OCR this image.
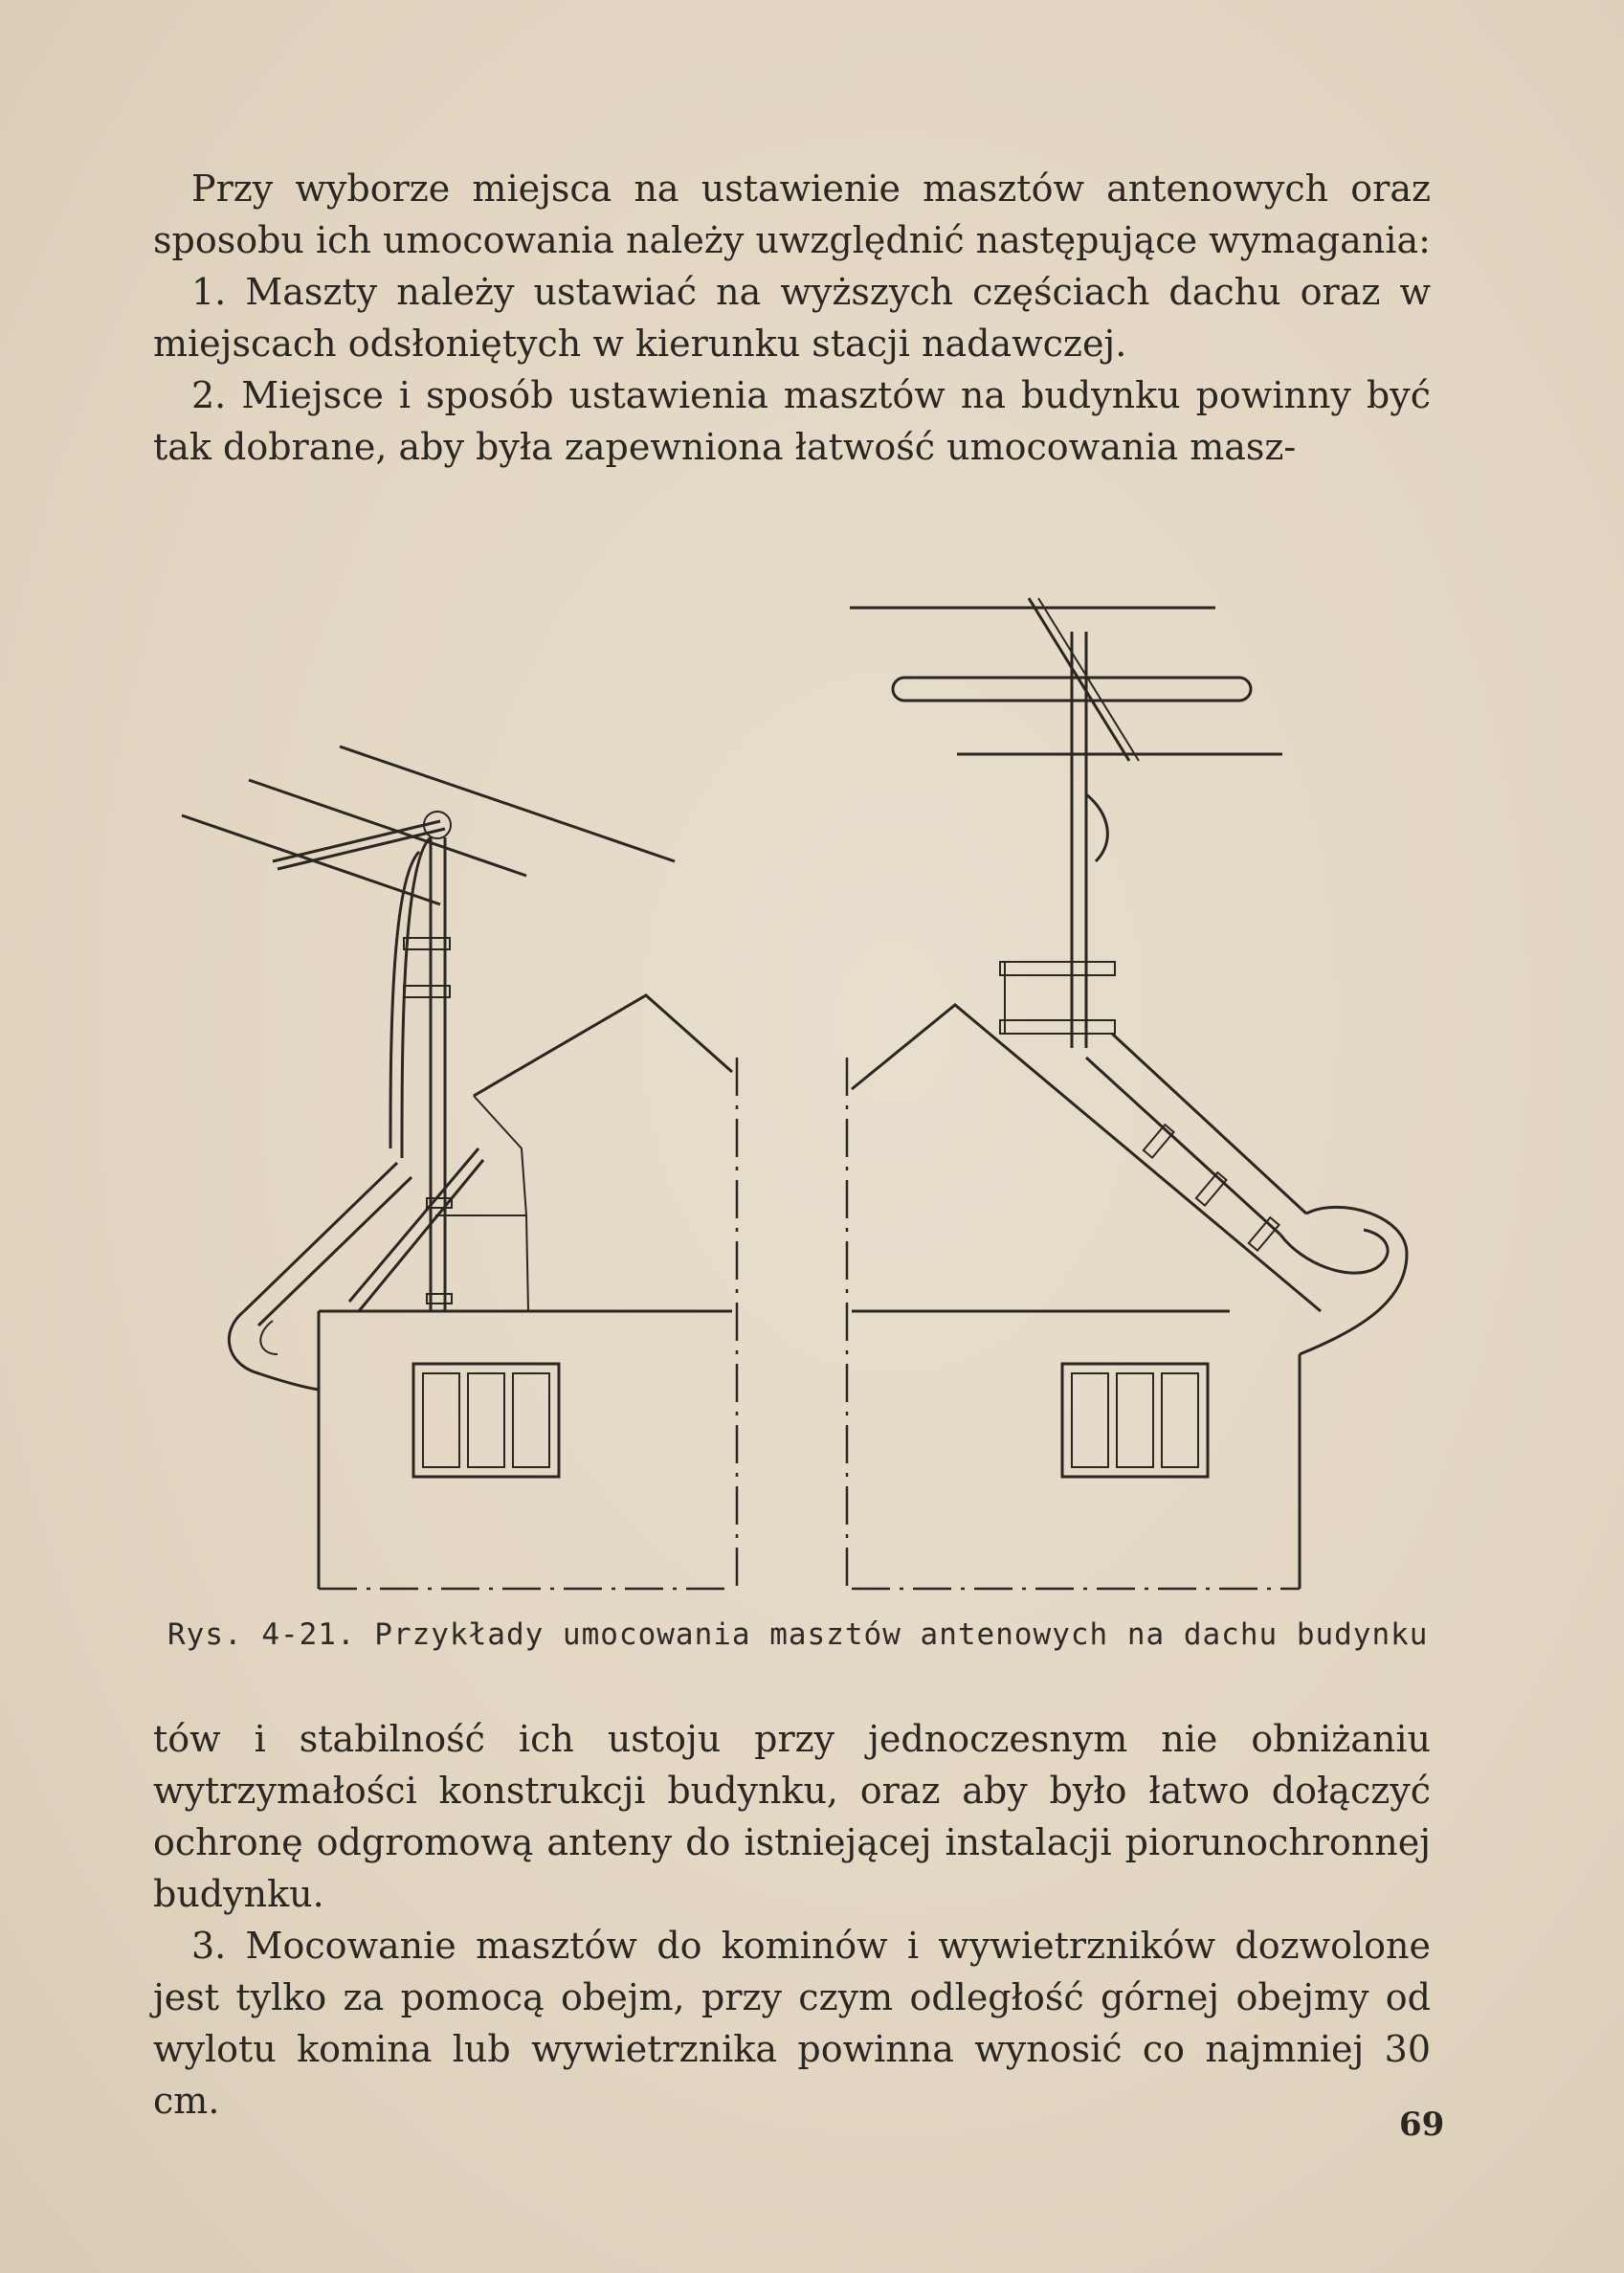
Przy wyborze miejsca na ustawienie masztów antenowych oraz sposobu ich umocowania należy uwzględnić następujące wymagania:

1. Maszty należy ustawiać na wyższych częściach dachu oraz w miejscach odsłoniętych w kierunku stacji nadawczej.

2. Miejsce i sposób ustawienia masztów na budynku powinny być tak dobrane, aby była zapewniona łatwość umocowania masz-

Rys. 4-21. Przykłady umocowania masztów antenowych na dachu budynku

tów i stabilność ich ustoju przy jednoczesnym nie obniżaniu wytrzymałości konstrukcji budynku, oraz aby było łatwo dołączyć ochronę odgromową anteny do istniejącej instalacji piorunochronnej budynku.

3. Mocowanie masztów do kominów i wywietrzników dozwolone jest tylko za pomocą obejm, przy czym odległość górnej obejmy od wylotu komina lub wywietrznika powinna wynosić co najmniej 30 cm.

69
